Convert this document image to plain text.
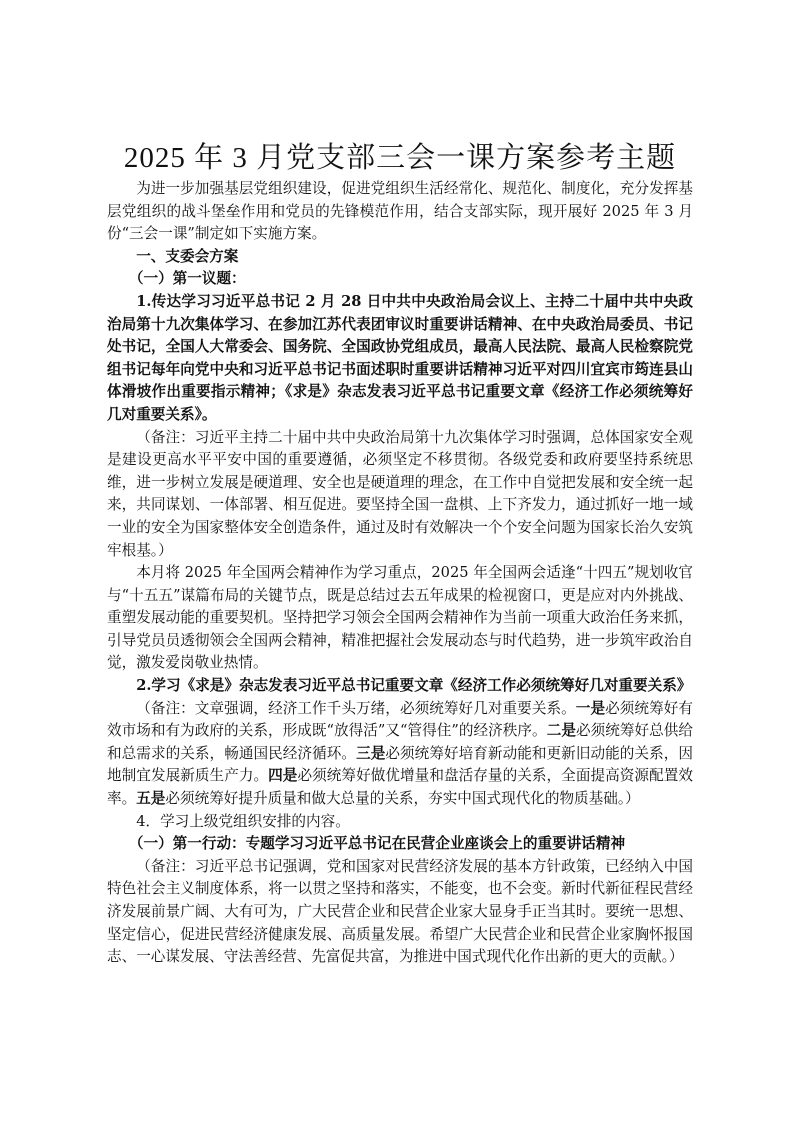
2025 年 3 月党支部三会一课方案参考主题

为进一步加强基层党组织建设，促进党组织生活经常化、规范化、制度化，充分发挥基层党组织的战斗堡垒作用和党员的先锋模范作用，结合支部实际，现开展好 2025 年 3 月份“三会一课”制定如下实施方案。

一、支委会方案

（一）第一议题：

1.传达学习习近平总书记 2 月 28 日中共中央政治局会议上、主持二十届中共中央政治局第十九次集体学习、在参加江苏代表团审议时重要讲话精神、在中央政治局委员、书记处书记，全国人大常委会、国务院、全国政协党组成员，最高人民法院、最高人民检察院党组书记每年向党中央和习近平总书记书面述职时重要讲话精神习近平对四川宜宾市筠连县山体滑坡作出重要指示精神；《求是》杂志发表习近平总书记重要文章《经济工作必须统筹好几对重要关系》。

（备注：习近平主持二十届中共中央政治局第十九次集体学习时强调，总体国家安全观是建设更高水平平安中国的重要遵循，必须坚定不移贯彻。各级党委和政府要坚持系统思维，进一步树立发展是硬道理、安全也是硬道理的理念，在工作中自觉把发展和安全统一起来，共同谋划、一体部署、相互促进。要坚持全国一盘棋、上下齐发力，通过抓好一地一域一业的安全为国家整体安全创造条件，通过及时有效解决一个个安全问题为国家长治久安筑牢根基。）

本月将 2025 年全国两会精神作为学习重点，2025 年全国两会适逢“十四五”规划收官与“十五五”谋篇布局的关键节点，既是总结过去五年成果的检视窗口，更是应对内外挑战、重塑发展动能的重要契机。坚持把学习领会全国两会精神作为当前一项重大政治任务来抓，引导党员员透彻领会全国两会精神，精准把握社会发展动态与时代趋势，进一步筑牢政治自觉，激发爱岗敬业热情。

2.学习《求是》杂志发表习近平总书记重要文章《经济工作必须统筹好几对重要关系》

（备注：文章强调，经济工作千头万绪，必须统筹好几对重要关系。一是必须统筹好有效市场和有为政府的关系，形成既“放得活”又“管得住”的经济秩序。二是必须统筹好总供给和总需求的关系，畅通国民经济循环。三是必须统筹好培育新动能和更新旧动能的关系，因地制宜发展新质生产力。四是必须统筹好做优增量和盘活存量的关系，全面提高资源配置效率。五是必须统筹好提升质量和做大总量的关系，夯实中国式现代化的物质基础。）

4．学习上级党组织安排的内容。

（一）第一行动：专题学习习近平总书记在民营企业座谈会上的重要讲话精神

（备注：习近平总书记强调，党和国家对民营经济发展的基本方针政策，已经纳入中国特色社会主义制度体系，将一以贯之坚持和落实，不能变，也不会变。新时代新征程民营经济发展前景广阔、大有可为，广大民营企业和民营企业家大显身手正当其时。要统一思想、坚定信心，促进民营经济健康发展、高质量发展。希望广大民营企业和民营企业家胸怀报国志、一心谋发展、守法善经营、先富促共富，为推进中国式现代化作出新的更大的贡献。）
